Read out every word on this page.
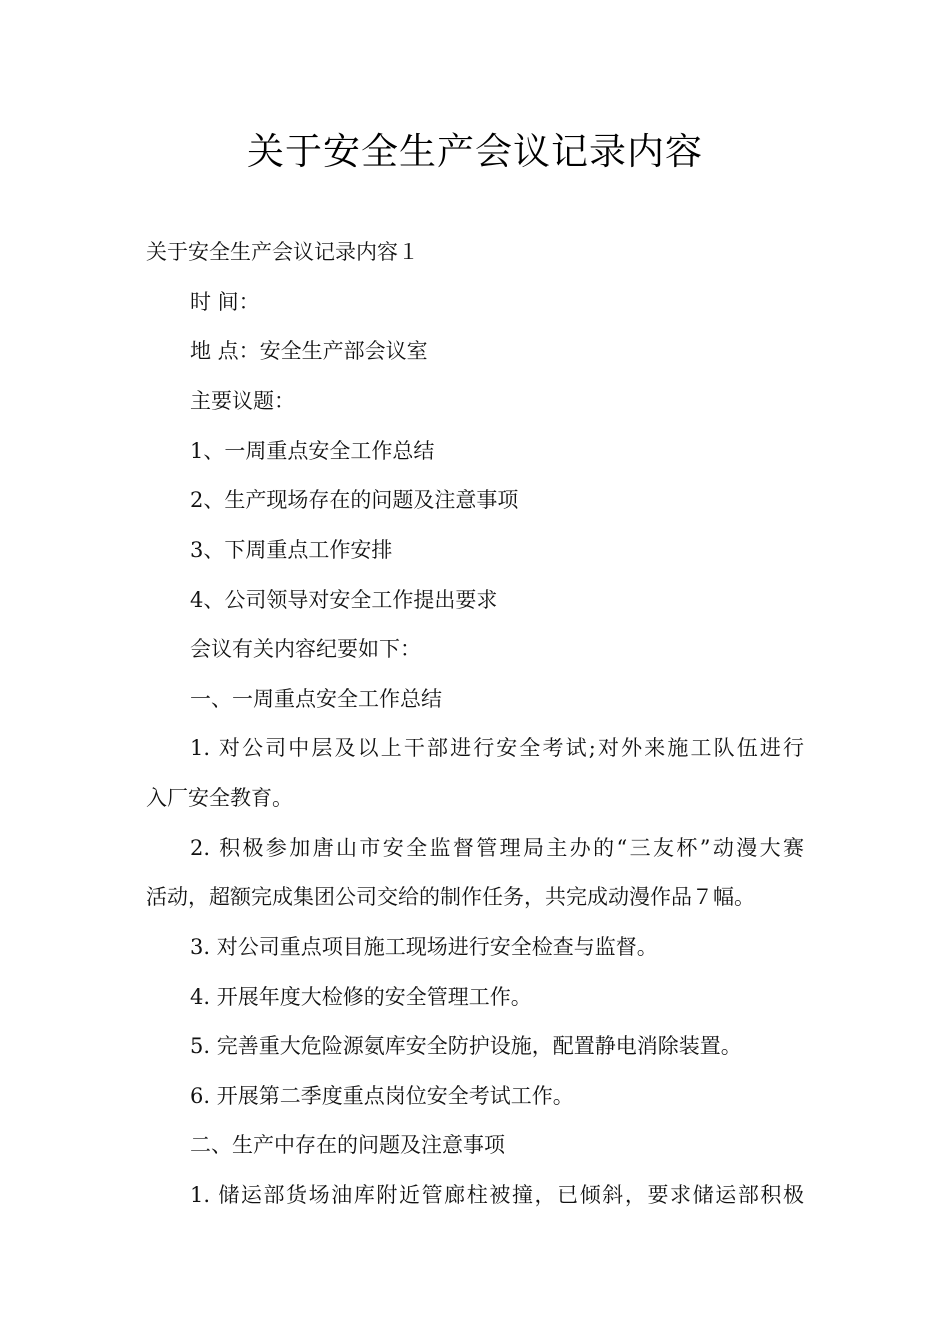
关于安全生产会议记录内容

关于安全生产会议记录内容１

时 间：

地 点：安全生产部会议室

主要议题：

1、一周重点安全工作总结

2、生产现场存在的问题及注意事项

3、下周重点工作安排

4、公司领导对安全工作提出要求

会议有关内容纪要如下：

一、一周重点安全工作总结

1. 对公司中层及以上干部进行安全考试;对外来施工队伍进行

入厂安全教育。

2. 积极参加唐山市安全监督管理局主办的“三友杯”动漫大赛

活动，超额完成集团公司交给的制作任务，共完成动漫作品７幅。

3. 对公司重点项目施工现场进行安全检查与监督。

4. 开展年度大检修的安全管理工作。

5. 完善重大危险源氨库安全防护设施，配置静电消除装置。

6. 开展第二季度重点岗位安全考试工作。

二、生产中存在的问题及注意事项

1. 储运部货场油库附近管廊柱被撞，已倾斜，要求储运部积极
